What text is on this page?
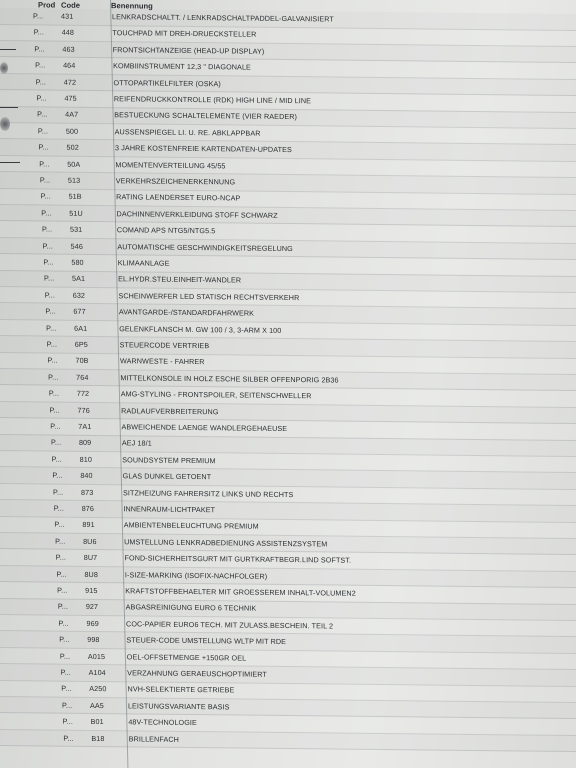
Prod Code	Benennung
P... 431	LENKRADSCHALTT. / LENKRADSCHALTPADDEL-GALVANISIERT
P... 448	TOUCHPAD MIT DREH-DRUECKSTELLER
P... 463	FRONTSICHTANZEIGE (HEAD-UP DISPLAY)
P... 464	KOMBIINSTRUMENT 12,3 " DIAGONALE
P... 472	OTTOPARTIKELFILTER (OSKA)
P... 475	REIFENDRUCKKONTROLLE (RDK) HIGH LINE / MID LINE
P... 4A7	BESTUECKUNG SCHALTELEMENTE (VIER RAEDER)
P... 500	AUSSENSPIEGEL LI. U. RE. ABKLAPPBAR
P... 502	3 JAHRE KOSTENFREIE KARTENDATEN-UPDATES
P... 50A	MOMENTENVERTEILUNG 45/55
P... 513	VERKEHRSZEICHENERKENNUNG
P... 51B	RATING LAENDERSET EURO-NCAP
P... 51U	DACHINNENVERKLEIDUNG STOFF SCHWARZ
P... 531	COMAND APS NTG5/NTG5.5
P... 546	AUTOMATISCHE GESCHWINDIGKEITSREGELUNG
P... 580	KLIMAANLAGE
P... 5A1	EL.HYDR.STEU.EINHEIT-WANDLER
P... 632	SCHEINWERFER LED STATISCH RECHTSVERKEHR
P... 677	AVANTGARDE-/STANDARDFAHRWERK
P... 6A1	GELENKFLANSCH M. GW 100 / 3, 3-ARM X 100
P... 6P5	STEUERCODE VERTRIEB
P... 70B	WARNWESTE - FAHRER
P... 764	MITTELKONSOLE IN HOLZ ESCHE SILBER OFFENPORIG 2B36
P... 772	AMG-STYLING - FRONTSPOILER, SEITENSCHWELLER
P... 776	RADLAUFVERBREITERUNG
P... 7A1	ABWEICHENDE LAENGE WANDLERGEHAEUSE
P... 809	AEJ 18/1
P... 810	SOUNDSYSTEM PREMIUM
P... 840	GLAS DUNKEL GETOENT
P... 873	SITZHEIZUNG FAHRERSITZ LINKS UND RECHTS
P... 876	INNENRAUM-LICHTPAKET
P... 891	AMBIENTENBELEUCHTUNG PREMIUM
P... 8U6	UMSTELLUNG LENKRADBEDIENUNG ASSISTENZSYSTEM
P... 8U7	FOND-SICHERHEITSGURT MIT GURTKRAFTBEGR.LIND SOFTST.
P... 8U8	I-SIZE-MARKING (ISOFIX-NACHFOLGER)
P... 915	KRAFTSTOFFBEHAELTER MIT GROESSEREM INHALT-VOLUMEN2
P... 927	ABGASREINIGUNG EURO 6 TECHNIK
P... 969	COC-PAPIER EURO6 TECH. MIT ZULASS.BESCHEIN. TEIL 2
P... 998	STEUER-CODE UMSTELLUNG WLTP MIT RDE
P... A015	OEL-OFFSETMENGE +150GR OEL
P... A104	VERZAHNUNG GERAEUSCHOPTIMIERT
P... A250	NVH-SELEKTIERTE GETRIEBE
P... AA5	LEISTUNGSVARIANTE BASIS
P... B01	48V-TECHNOLOGIE
P... B18	BRILLENFACH
